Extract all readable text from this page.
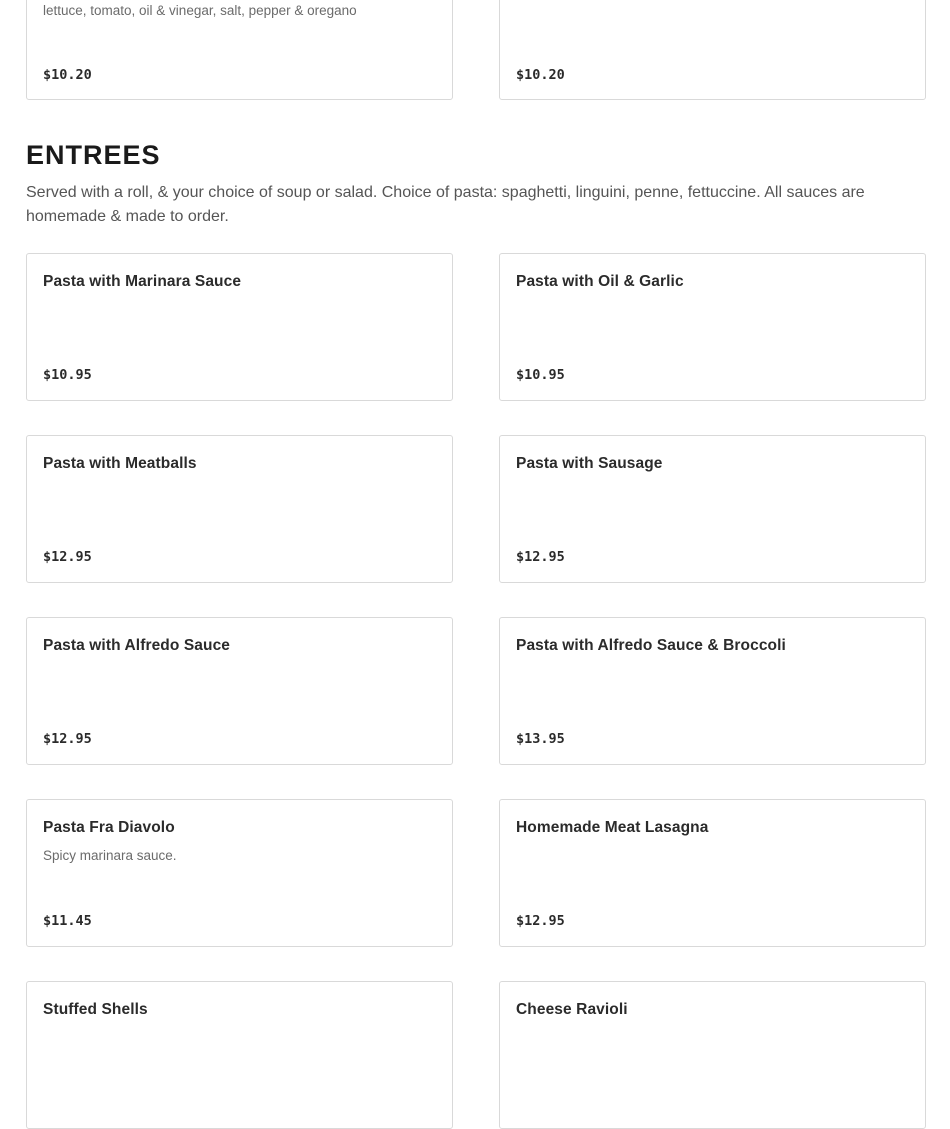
lettuce, tomato, oil & vinegar, salt, pepper & oregano
$10.20	$10.20
ENTREES

Served with a roll, & your choice of soup or salad. Choice of pasta: spaghetti, linguini, penne, fettuccine. All sauces are homemade & made to order.

Pasta with Marinara Sauce
$10.95
Pasta with Oil & Garlic
$10.95
Pasta with Meatballs
$12.95
Pasta with Sausage
$12.95
Pasta with Alfredo Sauce
$12.95
Pasta with Alfredo Sauce & Broccoli
$13.95
Pasta Fra Diavolo
Spicy marinara sauce.
$11.45
Homemade Meat Lasagna
$12.95
Stuffed Shells	Cheese Ravioli
